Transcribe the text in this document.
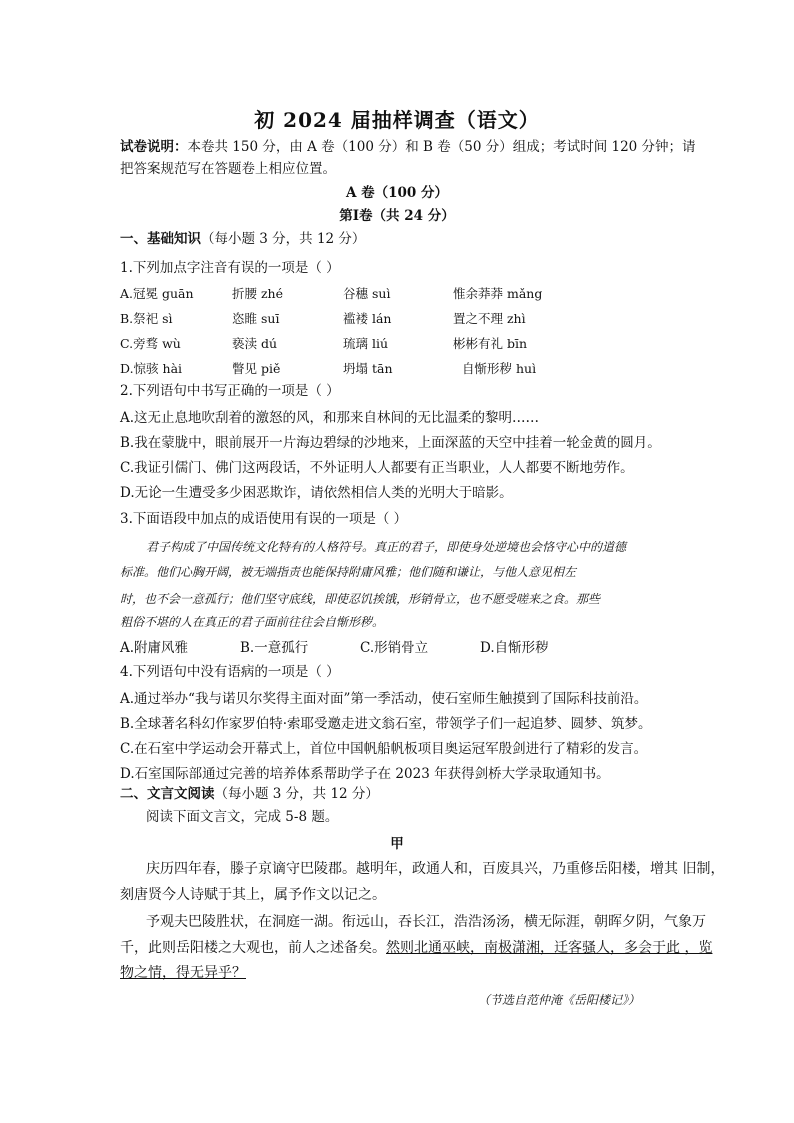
初 2024 届抽样调查（语文）
试卷说明：本卷共 150 分，由 A 卷（100 分）和 B 卷（50 分）组成；考试时间 120 分钟；请
把答案规范写在答题卷上相应位置。
A 卷（100 分）
第Ⅰ卷（共 24 分）
一、基础知识（每小题 3 分，共 12 分）
1.下列加点字注音有误的一项是（ ）
A.冠冕 guān	折腰 zhé	谷穗 suì	惟余莽莽 mǎng
B.祭祀 sì	恣睢 suī	褴褛 lán	置之不理 zhì
C.旁骛 wù	亵渎 dú	琉璃 liú	彬彬有礼 bīn
D.惊骇 hài	瞥见 piě	坍塌 tān	自惭形秽 huì
2.下列语句中书写正确的一项是（ ）
A.这无止息地吹刮着的激怒的风，和那来自林间的无比温柔的黎明……
B.我在蒙胧中，眼前展开一片海边碧绿的沙地来，上面深蓝的天空中挂着一轮金黄的圆月。
C.我证引儒门、佛门这两段话，不外证明人人都要有正当职业，人人都要不断地劳作。
D.无论一生遭受多少困恶欺诈，请依然相信人类的光明大于暗影。
3.下面语段中加点的成语使用有误的一项是（ ）
君子构成了中国传统文化特有的人格符号。真正的君子，即使身处逆境也会恪守心中的道德
标准。他们心胸开阔，被无端指责也能保持附庸风雅；他们随和谦让，与他人意见相左
时，也不会一意孤行；他们坚守底线，即使忍饥挨饿，形销骨立，也不愿受嗟来之食。那些
粗俗不堪的人在真正的君子面前往往会自惭形秽。
A.附庸风雅	B.一意孤行	C.形销骨立	D.自惭形秽
4.下列语句中没有语病的一项是（ ）
A.通过举办“我与诺贝尔奖得主面对面”第一季活动，使石室师生触摸到了国际科技前沿。
B.全球著名科幻作家罗伯特·索耶受邀走进文翁石室，带领学子们一起追梦、圆梦、筑梦。
C.在石室中学运动会开幕式上，首位中国帆船帆板项目奥运冠军殷剑进行了精彩的发言。
D.石室国际部通过完善的培养体系帮助学子在 2023 年获得剑桥大学录取通知书。
二、文言文阅读（每小题 3 分，共 12 分）
阅读下面文言文，完成 5-8 题。
甲
庆历四年春，滕子京谪守巴陵郡。越明年，政通人和，百废具兴，乃重修岳阳楼，增其 旧制，
刻唐贤今人诗赋于其上，属予作文以记之。
予观夫巴陵胜状，在洞庭一湖。衔远山，吞长江，浩浩汤汤，横无际涯，朝晖夕阴，气象万
千，此则岳阳楼之大观也，前人之述备矣。然则北通巫峡，南极潇湘，迁客骚人，多会于此 ，览
物之情，得无异乎？
（节选自范仲淹《岳阳楼记》）
